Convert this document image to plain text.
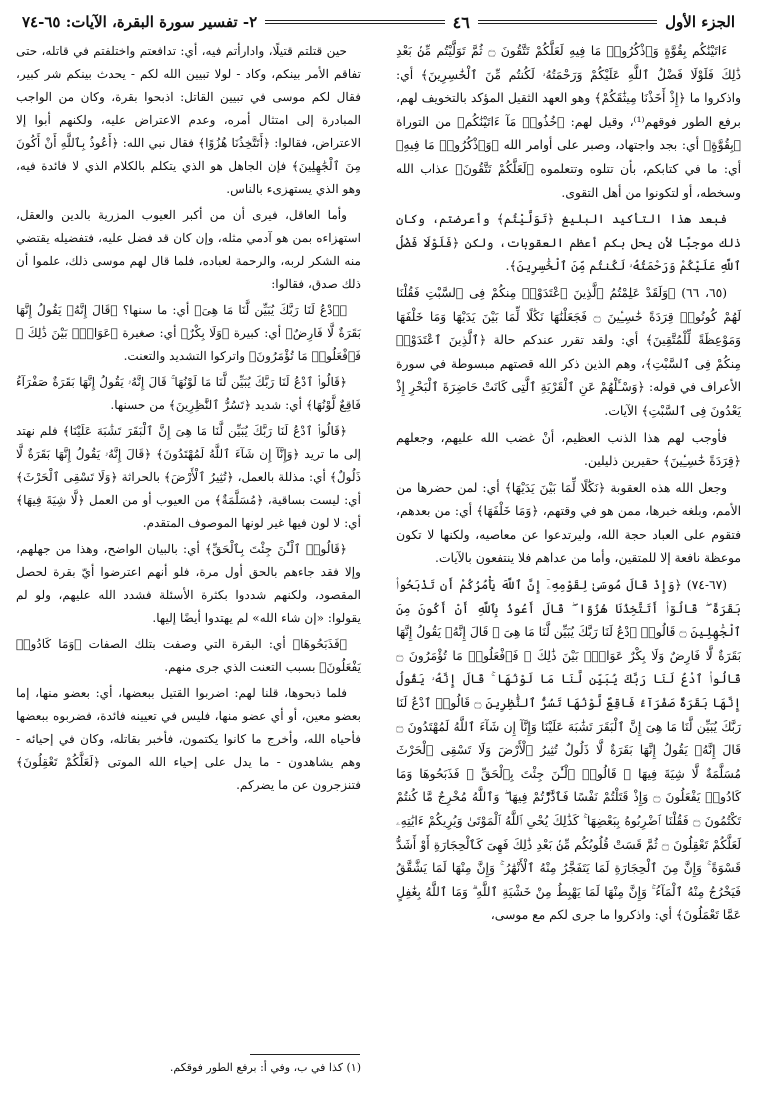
الجزء الأول
٤٦
٢- تفسير سورة البقرة، الآيات: ٦٥-٧٤

ءَاتَيْنَٰكُم بِقُوَّةٍ وَٱذْكُرُوا۟ مَا فِيهِ لَعَلَّكُمْ تَتَّقُونَ ۝ ثُمَّ تَوَلَّيْتُم مِّنۢ بَعْدِ ذَٰلِكَ فَلَوْلَا فَضْلُ ٱللَّهِ عَلَيْكُمْ وَرَحْمَتُهُۥ لَكُنتُم مِّنَ ٱلْخَٰسِرِينَ﴾ أي: واذكروا ما ﴿إِذْ أَخَذْنَا مِيثَٰقَكُمْ﴾ وهو العهد الثقيل المؤكد بالتخويف لهم، برفع الطور فوقهم⁽¹⁾، وقيل لهم: ﴿خُذُوا۟ مَآ ءَاتَيْنَٰكُم﴾ من التوراة ﴿بِقُوَّةٍ﴾ أي: بجد واجتهاد، وصبر على أوامر الله ﴿وَٱذْكُرُوا۟ مَا فِيهِ﴾ أي: ما في كتابكم، بأن تتلوه وتتعلموه ﴿لَعَلَّكُمْ تَتَّقُونَ﴾ عذاب الله وسخطه، أو لتكونوا من أهل التقوى.

فبعد هذا التأكيد البليغ ﴿تَوَلَّيْتُم﴾ وأعرضتم، وكان ذلك موجبًا لأن يحل بكم أعظم العقوبات، ولكن ﴿فَلَوْلَا فَضْلُ ٱللَّهِ عَلَيْكُمْ وَرَحْمَتُهُۥ لَكُنتُم مِّنَ ٱلْخَٰسِرِينَ﴾.

(٦٥، ٦٦) ﴿وَلَقَدْ عَلِمْتُمُ ٱلَّذِينَ ٱعْتَدَوْا۟ مِنكُمْ فِى ٱلسَّبْتِ فَقُلْنَا لَهُمْ كُونُوا۟ قِرَدَةً خَٰسِـِٔينَ ۝ فَجَعَلْنَٰهَا نَكَٰلًا لِّمَا بَيْنَ يَدَيْهَا وَمَا خَلْفَهَا وَمَوْعِظَةً لِّلْمُتَّقِينَ﴾ أي: ولقد تقرر عندكم حالة ﴿ٱلَّذِينَ ٱعْتَدَوْا۟ مِنكُمْ فِى ٱلسَّبْتِ﴾، وهم الذين ذكر الله قصتهم مبسوطة في سورة الأعراف في قوله: ﴿وَسْـَٔلْهُمْ عَنِ ٱلْقَرْيَةِ ٱلَّتِى كَانَتْ حَاضِرَةَ ٱلْبَحْرِ إِذْ يَعْدُونَ فِى ٱلسَّبْتِ﴾ الآيات.

فأوجب لهم هذا الذنب العظيم، أنْ غضب الله عليهم، وجعلهم ﴿قِرَدَةً خَٰسِـِٔينَ﴾ حقيرين ذليلين.

وجعل الله هذه العقوبة ﴿نَكَٰلًا لِّمَا بَيْنَ يَدَيْهَا﴾ أي: لمن حضرها من الأمم، وبلغه خبرها، ممن هو في وقتهم، ﴿وَمَا خَلْفَهَا﴾ أي: من بعدهم، فتقوم على العباد حجة الله، وليرتدعوا عن معاصيه، ولكنها لا تكون موعظة نافعة إلا للمتقين، وأما من عداهم فلا ينتفعون بالآيات.

(٦٧-٧٤) ﴿وَإِذْ قَالَ مُوسَىٰ لِقَوْمِهِۦٓ إِنَّ ٱللَّهَ يَأْمُرُكُمْ أَن تَذْبَحُوا۟ بَقَرَةً ۖ قَالُوٓا۟ أَتَتَّخِذُنَا هُزُوًا ۖ قَالَ أَعُوذُ بِٱللَّهِ أَنْ أَكُونَ مِنَ ٱلْجَٰهِلِينَ ۝ قَالُوا۟ ٱدْعُ لَنَا رَبَّكَ يُبَيِّن لَّنَا مَا هِىَ ۚ قَالَ إِنَّهُۥ يَقُولُ إِنَّهَا بَقَرَةٌ لَّا فَارِضٌ وَلَا بِكْرٌ عَوَانٌۢ بَيْنَ ذَٰلِكَ ۖ فَٱفْعَلُوا۟ مَا تُؤْمَرُونَ ۝ قَالُوا۟ ٱدْعُ لَنَا رَبَّكَ يُبَيِّن لَّنَا مَا لَوْنُهَا ۚ قَالَ إِنَّهُۥ يَقُولُ إِنَّهَا بَقَرَةٌ صَفْرَآءُ فَاقِعٌ لَّوْنُهَا تَسُرُّ ٱلنَّٰظِرِينَ ۝ قَالُوا۟ ٱدْعُ لَنَا رَبَّكَ يُبَيِّن لَّنَا مَا هِىَ إِنَّ ٱلْبَقَرَ تَشَٰبَهَ عَلَيْنَا وَإِنَّآ إِن شَآءَ ٱللَّهُ لَمُهْتَدُونَ ۝ قَالَ إِنَّهُۥ يَقُولُ إِنَّهَا بَقَرَةٌ لَّا ذَلُولٌ تُثِيرُ ٱلْأَرْضَ وَلَا تَسْقِى ٱلْحَرْثَ مُسَلَّمَةٌ لَّا شِيَةَ فِيهَا ۚ قَالُوا۟ ٱلْـَٰٔنَ جِئْتَ بِٱلْحَقِّ ۚ فَذَبَحُوهَا وَمَا كَادُوا۟ يَفْعَلُونَ ۝ وَإِذْ قَتَلْتُمْ نَفْسًا فَٱدَّٰرَْٰٔتُمْ فِيهَا ۖ وَٱللَّهُ مُخْرِجٌ مَّا كُنتُمْ تَكْتُمُونَ ۝ فَقُلْنَا ٱضْرِبُوهُ بِبَعْضِهَا ۚ كَذَٰلِكَ يُحْىِ ٱللَّهُ ٱلْمَوْتَىٰ وَيُرِيكُمْ ءَايَٰتِهِۦ لَعَلَّكُمْ تَعْقِلُونَ ۝ ثُمَّ قَسَتْ قُلُوبُكُم مِّنۢ بَعْدِ ذَٰلِكَ فَهِىَ كَٱلْحِجَارَةِ أَوْ أَشَدُّ قَسْوَةً ۚ وَإِنَّ مِنَ ٱلْحِجَارَةِ لَمَا يَتَفَجَّرُ مِنْهُ ٱلْأَنْهَٰرُ ۚ وَإِنَّ مِنْهَا لَمَا يَشَّقَّقُ فَيَخْرُجُ مِنْهُ ٱلْمَآءُ ۚ وَإِنَّ مِنْهَا لَمَا يَهْبِطُ مِنْ خَشْيَةِ ٱللَّهِ ۗ وَمَا ٱللَّهُ بِغَٰفِلٍ عَمَّا تَعْمَلُونَ﴾ أي: واذكروا ما جرى لكم مع موسى،

حين قتلتم قتيلًا، وادارأتم فيه، أي: تدافعتم واختلفتم في قاتله، حتى تفاقم الأمر بينكم، وكاد - لولا تبيين الله لكم - يحدث بينكم شر كبير، فقال لكم موسى في تبيين القاتل: اذبحوا بقرة، وكان من الواجب المبادرة إلى امتثال أمره، وعدم الاعتراض عليه، ولكنهم أبوا إلا الاعتراض، فقالوا: ﴿أَتَتَّخِذُنَا هُزُوًا﴾ فقال نبي الله: ﴿أَعُوذُ بِٱللَّهِ أَنْ أَكُونَ مِنَ ٱلْجَٰهِلِينَ﴾ فإن الجاهل هو الذي يتكلم بالكلام الذي لا فائدة فيه، وهو الذي يستهزىء بالناس.

وأما العاقل، فيرى أن من أكبر العيوب المزرية بالدين والعقل، استهزاءه بمن هو آدمي مثله، وإن كان قد فضل عليه، فتفضيله يقتضي منه الشكر لربه، والرحمة لعباده، فلما قال لهم موسى ذلك، علموا أن ذلك صدق، فقالوا:

﴿ٱدْعُ لَنَا رَبَّكَ يُبَيِّن لَّنَا مَا هِىَ﴾ أي: ما سنها؟ ﴿قَالَ إِنَّهُۥ يَقُولُ إِنَّهَا بَقَرَةٌ لَّا فَارِضٌ﴾ أي: كبيرة ﴿وَلَا بِكْرٌ﴾ أي: صغيرة ﴿عَوَانٌۢ بَيْنَ ذَٰلِكَ ۖ فَٱفْعَلُوا۟ مَا تُؤْمَرُونَ﴾ واتركوا التشديد والتعنت.

﴿قَالُوا۟ ٱدْعُ لَنَا رَبَّكَ يُبَيِّن لَّنَا مَا لَوْنُهَا ۚ قَالَ إِنَّهُۥ يَقُولُ إِنَّهَا بَقَرَةٌ صَفْرَآءُ فَاقِعٌ لَّوْنُهَا﴾ أي: شديد ﴿تَسُرُّ ٱلنَّٰظِرِينَ﴾ من حسنها.

﴿قَالُوا۟ ٱدْعُ لَنَا رَبَّكَ يُبَيِّن لَّنَا مَا هِىَ إِنَّ ٱلْبَقَرَ تَشَٰبَهَ عَلَيْنَا﴾ فلم نهتد إلى ما تريد ﴿وَإِنَّآ إِن شَآءَ ٱللَّهُ لَمُهْتَدُونَ﴾ ﴿قَالَ إِنَّهُۥ يَقُولُ إِنَّهَا بَقَرَةٌ لَّا ذَلُولٌ﴾ أي: مذللة بالعمل، ﴿تُثِيرُ ٱلْأَرْضَ﴾ بالحراثة ﴿وَلَا تَسْقِى ٱلْحَرْثَ﴾ أي: ليست بساقية، ﴿مُسَلَّمَةٌ﴾ من العيوب أو من العمل ﴿لَّا شِيَةَ فِيهَا﴾ أي: لا لون فيها غير لونها الموصوف المتقدم.

﴿قَالُوا۟ ٱلْـَٰٔنَ جِئْتَ بِٱلْحَقِّ﴾ أي: بالبيان الواضح، وهذا من جهلهم، وإلا فقد جاءهم بالحق أول مرة، فلو أنهم اعترضوا أيّ بقرة لحصل المقصود، ولكنهم شددوا بكثرة الأسئلة فشدد الله عليهم، ولو لم يقولوا: «إن شاء الله» لم يهتدوا أيضًا إليها.

﴿فَذَبَحُوهَا﴾ أي: البقرة التي وصفت بتلك الصفات ﴿وَمَا كَادُوا۟ يَفْعَلُونَ﴾ بسبب التعنت الذي جرى منهم.

فلما ذبحوها، قلنا لهم: اضربوا القتيل ببعضها، أي: بعضو منها، إما بعضو معين، أو أي عضو منها، فليس في تعيينه فائدة، فضربوه ببعضها فأحياه الله، وأخرج ما كانوا يكتمون، فأخبر بقاتله، وكان في إحيائه - وهم يشاهدون - ما يدل على إحياء الله الموتى ﴿لَعَلَّكُمْ تَعْقِلُونَ﴾ فتنزجرون عن ما يضركم.

(١) كذا في ب، وفي أ: برفع الطور فوقكم.
